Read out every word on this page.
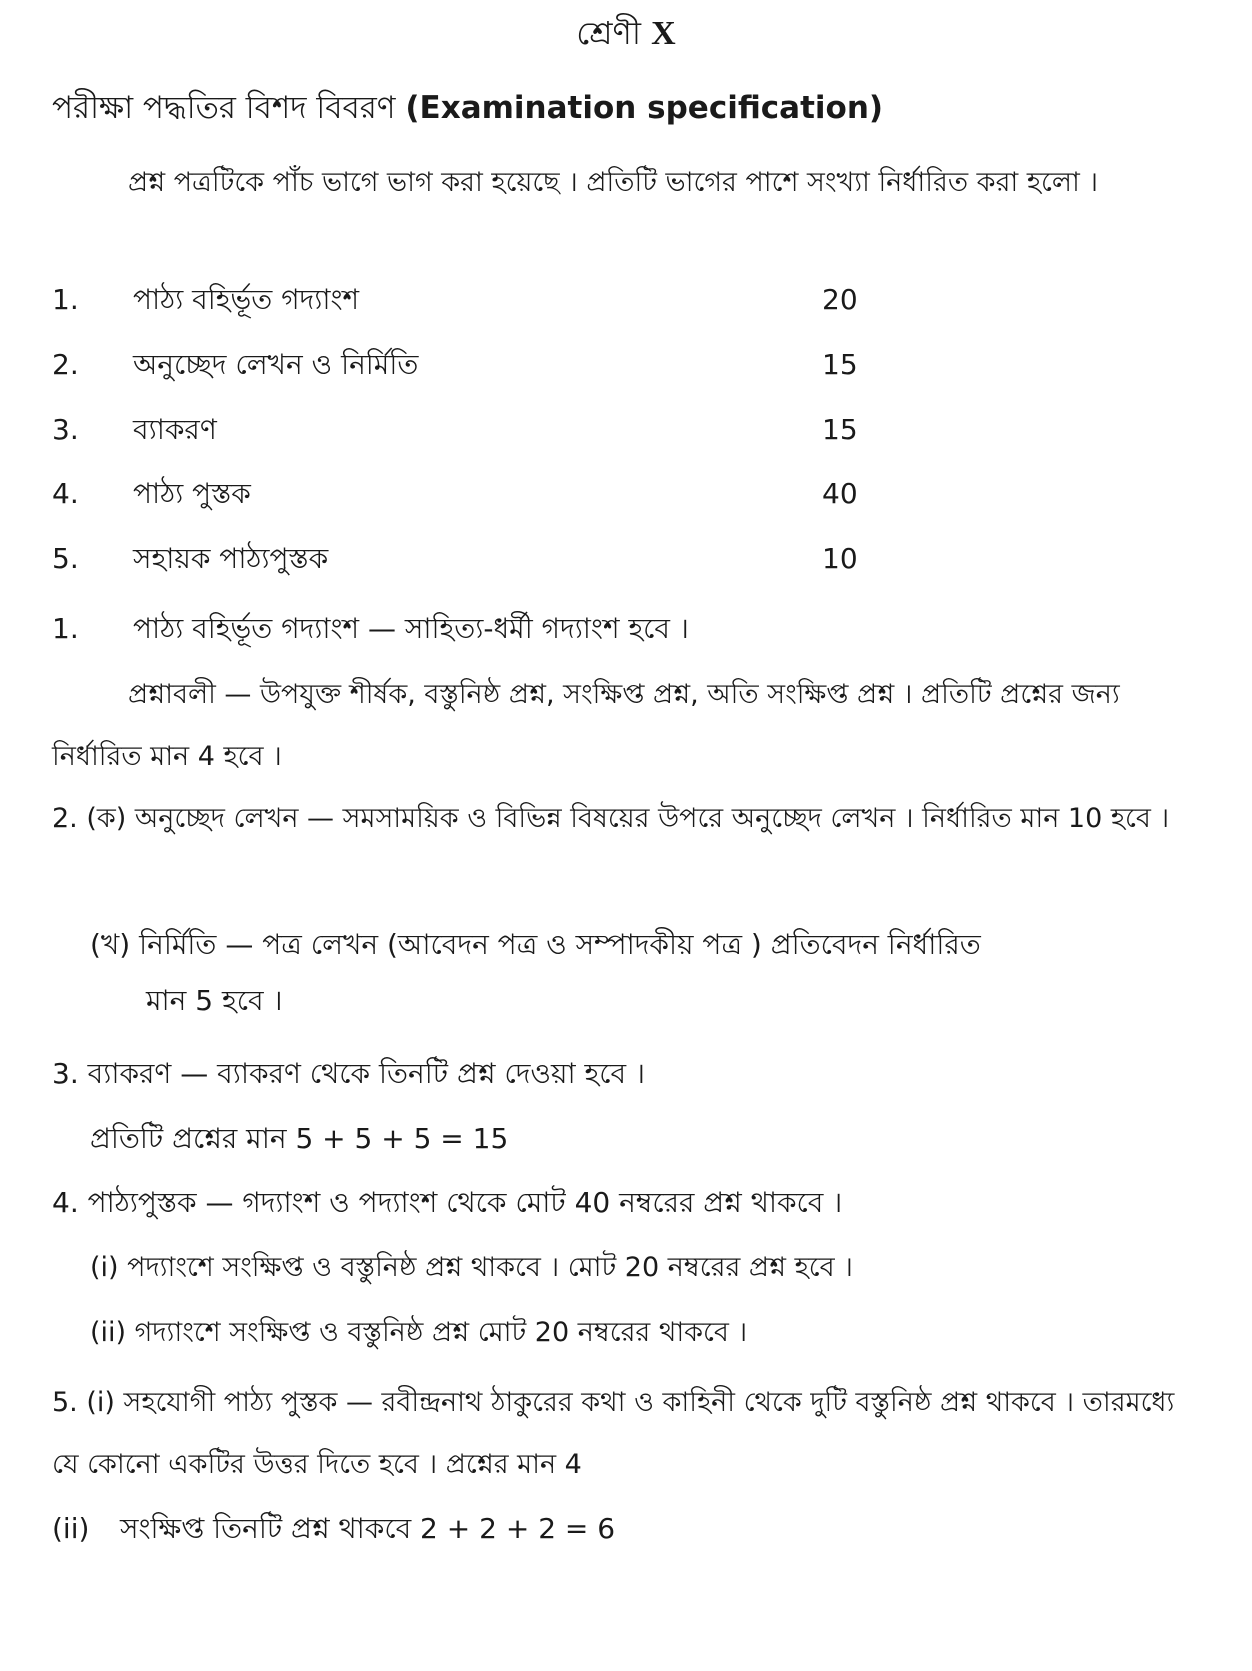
শ্রেণী X
পরীক্ষা পদ্ধতির বিশদ বিবরণ (Examination specification)

প্রশ্ন পত্রটিকে পাঁচ ভাগে ভাগ করা হয়েছে । প্রতিটি ভাগের পাশে সংখ্যা নির্ধারিত করা হলো ।

1. পাঠ্য বহির্ভূত গদ্যাংশ	20
2. অনুচ্ছেদ লেখন ও নির্মিতি	15
3. ব্যাকরণ	15
4. পাঠ্য পুস্তক	40
5. সহায়ক পাঠ্যপুস্তক	10
1. পাঠ্য বহির্ভূত গদ্যাংশ — সাহিত্য-ধর্মী গদ্যাংশ হবে ।

প্রশ্নাবলী — উপযুক্ত শীর্ষক, বস্তুনিষ্ঠ প্রশ্ন, সংক্ষিপ্ত প্রশ্ন, অতি সংক্ষিপ্ত প্রশ্ন । প্রতিটি প্রশ্নের জন্য নির্ধারিত মান 4 হবে ।

2. (ক) অনুচ্ছেদ লেখন — সমসাময়িক ও বিভিন্ন বিষয়ের উপরে অনুচ্ছেদ লেখন । নির্ধারিত মান 10 হবে ।

(খ) নির্মিতি — পত্র লেখন (আবেদন পত্র ও সম্পাদকীয় পত্র ) প্রতিবেদন নির্ধারিত
মান 5 হবে ।
3. ব্যাকরণ — ব্যাকরণ থেকে তিনটি প্রশ্ন দেওয়া হবে ।
প্রতিটি প্রশ্নের মান 5 + 5 + 5 = 15
4. পাঠ্যপুস্তক — গদ্যাংশ ও পদ্যাংশ থেকে মোট 40 নম্বরের প্রশ্ন থাকবে ।
(i) পদ্যাংশে সংক্ষিপ্ত ও বস্তুনিষ্ঠ প্রশ্ন থাকবে । মোট 20 নম্বরের প্রশ্ন হবে ।
(ii) গদ্যাংশে সংক্ষিপ্ত ও বস্তুনিষ্ঠ প্রশ্ন মোট 20 নম্বরের থাকবে ।

5. (i) সহযোগী পাঠ্য পুস্তক — রবীন্দ্রনাথ ঠাকুরের কথা ও কাহিনী থেকে দুটি বস্তুনিষ্ঠ প্রশ্ন থাকবে । তারমধ্যে যে কোনো একটির উত্তর দিতে হবে । প্রশ্নের মান 4

(ii) সংক্ষিপ্ত তিনটি প্রশ্ন থাকবে 2 + 2 + 2 = 6
